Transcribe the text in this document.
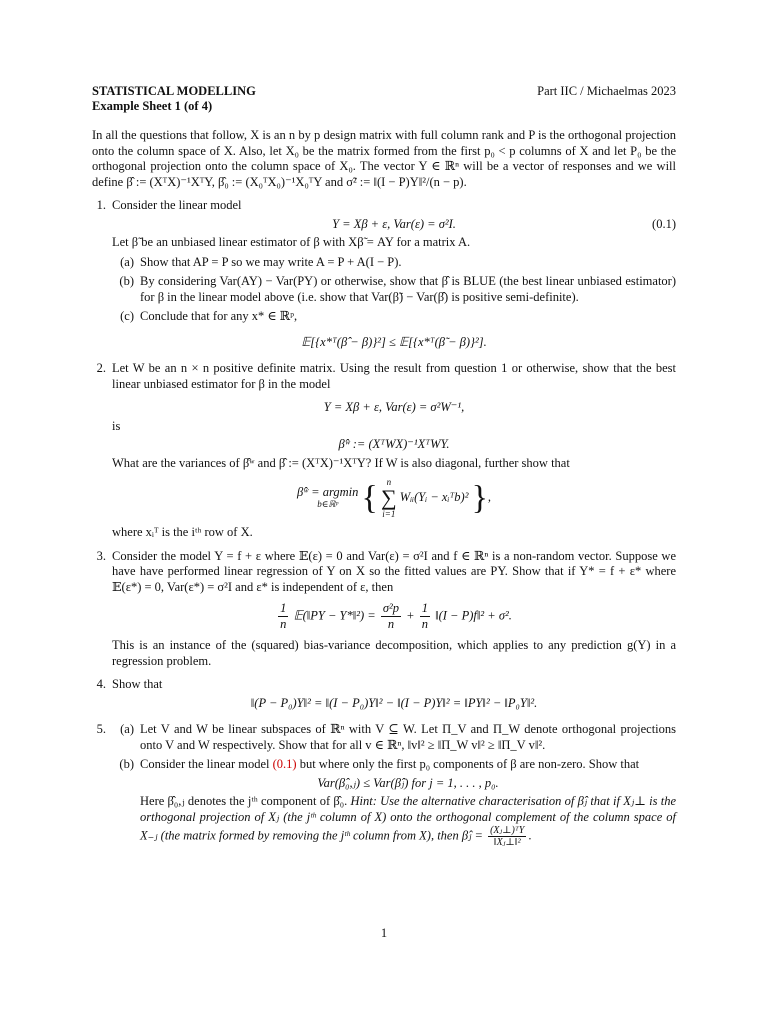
STATISTICAL MODELLING
Example Sheet 1 (of 4)
Part IIC / Michaelmas 2023
In all the questions that follow, X is an n by p design matrix with full column rank and P is the orthogonal projection onto the column space of X. Also, let X₀ be the matrix formed from the first p₀ < p columns of X and let P₀ be the orthogonal projection onto the column space of X₀. The vector Y ∈ ℝⁿ will be a vector of responses and we will define β̂ := (XᵀX)⁻¹XᵀY, β̂₀ := (X₀ᵀX₀)⁻¹X₀ᵀY and σ̃² := ‖(I − P)Y‖²/(n − p).
1. Consider the linear model
Y = Xβ + ε, Var(ε) = σ²I.	(0.1)
Let β̃ be an unbiased linear estimator of β with Xβ̃ = AY for a matrix A.
(a) Show that AP = P so we may write A = P + A(I − P).
(b) By considering Var(AY) − Var(PY) or otherwise, show that β̂ is BLUE (the best linear unbiased estimator) for β in the linear model above (i.e. show that Var(β̃) − Var(β̂) is positive semi-definite).
(c) Conclude that for any x* ∈ ℝᵖ,
𝔼[{x*ᵀ(β̂ − β)}²] ≤ 𝔼[{x*ᵀ(β̃ − β)}²].
2. Let W be an n × n positive definite matrix. Using the result from question 1 or otherwise, show that the best linear unbiased estimator for β in the model
Y = Xβ + ε, Var(ε) = σ²W⁻¹,
is
β̂ʷ := (XᵀWX)⁻¹XᵀWY.
What are the variances of β̂ʷ and β̂ := (XᵀX)⁻¹XᵀY? If W is also diagonal, further show that
β̂ʷ = argmin
b∈ℝᵖ { n
∑
i=1
Wᵢᵢ(Yᵢ − xᵢᵀb)² },
where xᵢᵀ is the iᵗʰ row of X.
3. Consider the model Y = f + ε where 𝔼(ε) = 0 and Var(ε) = σ²I and f ∈ ℝⁿ is a non-random vector. Suppose we have have performed linear regression of Y on X so the fitted values are PY. Show that if Y* = f + ε* where 𝔼(ε*) = 0, Var(ε*) = σ²I and ε* is independent of ε, then
$\frac{1}{n}$ 𝔼(‖PY − Y*‖²) = $\frac{\text{σ²p}}{n} + \frac{1}{n}$ ‖(I − P)f‖² + σ².
This is an instance of the (squared) bias-variance decomposition, which applies to any prediction g(Y) in a regression problem.
4. Show that
‖(P − P₀)Y‖² = ‖(I − P₀)Y‖² − ‖(I − P)Y‖² = ‖PY‖² − ‖P₀Y‖².
5.	(a) Let V and W be linear subspaces of ℝⁿ with V ⊆ W. Let Π_V and Π_W denote orthogonal projections onto V and W respectively. Show that for all v ∈ ℝⁿ, ‖v‖² ≥ ‖Π_W v‖² ≥ ‖Π_V v‖².
(b) Consider the linear model (0.1) but where only the first p₀ components of β are non-zero. Show that
Var(β̂₀,ⱼ) ≤ Var(β̂ⱼ) for j = 1, . . . , p₀.
Here β̂₀,ⱼ denotes the jᵗʰ component of β̂₀. Hint: Use the alternative characterisation of β̂ⱼ that if Xⱼ⊥ is the orthogonal projection of Xⱼ (the jᵗʰ column of X) onto the orthogonal complement of the column space of X₋ⱼ (the matrix formed by removing the jᵗʰ column from X), then β̂ⱼ = $\frac{\text{(Xⱼ⊥)ᵀY}}{\text{‖Xⱼ⊥‖²}}$ .
1
